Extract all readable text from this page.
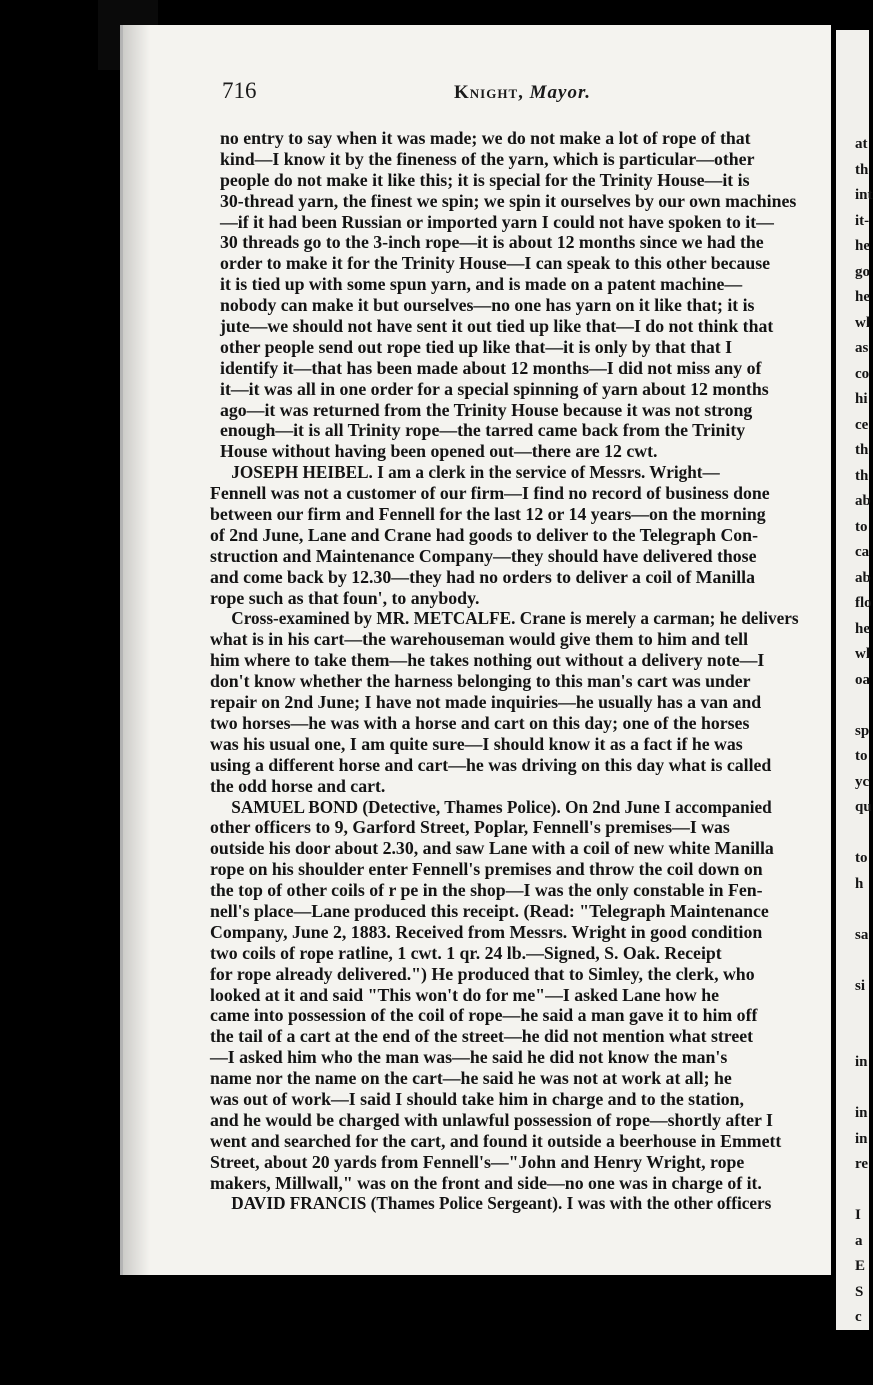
at
th
int
it-
he
go
he
wl
as
co
hi
ce
th
th
ab
to
ca
ab
flo
he
wl
oa

sp
to
yc
qu

to
h

sa

si

in

in
in
re

I
a
E
S
c
716	Knight, Mayor.
no entry to say when it was made; we do not make a lot of rope of that
kind—I know it by the fineness of the yarn, which is particular—other
people do not make it like this; it is special for the Trinity House—it is
30-thread yarn, the finest we spin; we spin it ourselves by our own machines
—if it had been Russian or imported yarn I could not have spoken to it—
30 threads go to the 3-inch rope—it is about 12 months since we had the
order to make it for the Trinity House—I can speak to this other because
it is tied up with some spun yarn, and is made on a patent machine—
nobody can make it but ourselves—no one has yarn on it like that; it is
jute—we should not have sent it out tied up like that—I do not think that
other people send out rope tied up like that—it is only by that that I
identify it—that has been made about 12 months—I did not miss any of
it—it was all in one order for a special spinning of yarn about 12 months
ago—it was returned from the Trinity House because it was not strong
enough—it is all Trinity rope—the tarred came back from the Trinity
House without having been opened out—there are 12 cwt.
JOSEPH HEIBEL. I am a clerk in the service of Messrs. Wright—
Fennell was not a customer of our firm—I find no record of business done
between our firm and Fennell for the last 12 or 14 years—on the morning
of 2nd June, Lane and Crane had goods to deliver to the Telegraph Con-
struction and Maintenance Company—they should have delivered those
and come back by 12.30—they had no orders to deliver a coil of Manilla
rope such as that foun', to anybody.
Cross-examined by MR. METCALFE. Crane is merely a carman; he delivers
what is in his cart—the warehouseman would give them to him and tell
him where to take them—he takes nothing out without a delivery note—I
don't know whether the harness belonging to this man's cart was under
repair on 2nd June; I have not made inquiries—he usually has a van and
two horses—he was with a horse and cart on this day; one of the horses
was his usual one, I am quite sure—I should know it as a fact if he was
using a different horse and cart—he was driving on this day what is called
the odd horse and cart.
SAMUEL BOND (Detective, Thames Police). On 2nd June I accompanied
other officers to 9, Garford Street, Poplar, Fennell's premises—I was
outside his door about 2.30, and saw Lane with a coil of new white Manilla
rope on his shoulder enter Fennell's premises and throw the coil down on
the top of other coils of r pe in the shop—I was the only constable in Fen-
nell's place—Lane produced this receipt. (Read: "Telegraph Maintenance
Company, June 2, 1883. Received from Messrs. Wright in good condition
two coils of rope ratline, 1 cwt. 1 qr. 24 lb.—Signed, S. Oak. Receipt
for rope already delivered.") He produced that to Simley, the clerk, who
looked at it and said "This won't do for me"—I asked Lane how he
came into possession of the coil of rope—he said a man gave it to him off
the tail of a cart at the end of the street—he did not mention what street
—I asked him who the man was—he said he did not know the man's
name nor the name on the cart—he said he was not at work at all; he
was out of work—I said I should take him in charge and to the station,
and he would be charged with unlawful possession of rope—shortly after I
went and searched for the cart, and found it outside a beerhouse in Emmett
Street, about 20 yards from Fennell's—"John and Henry Wright, rope
makers, Millwall," was on the front and side—no one was in charge of it.
DAVID FRANCIS (Thames Police Sergeant). I was with the other officers
